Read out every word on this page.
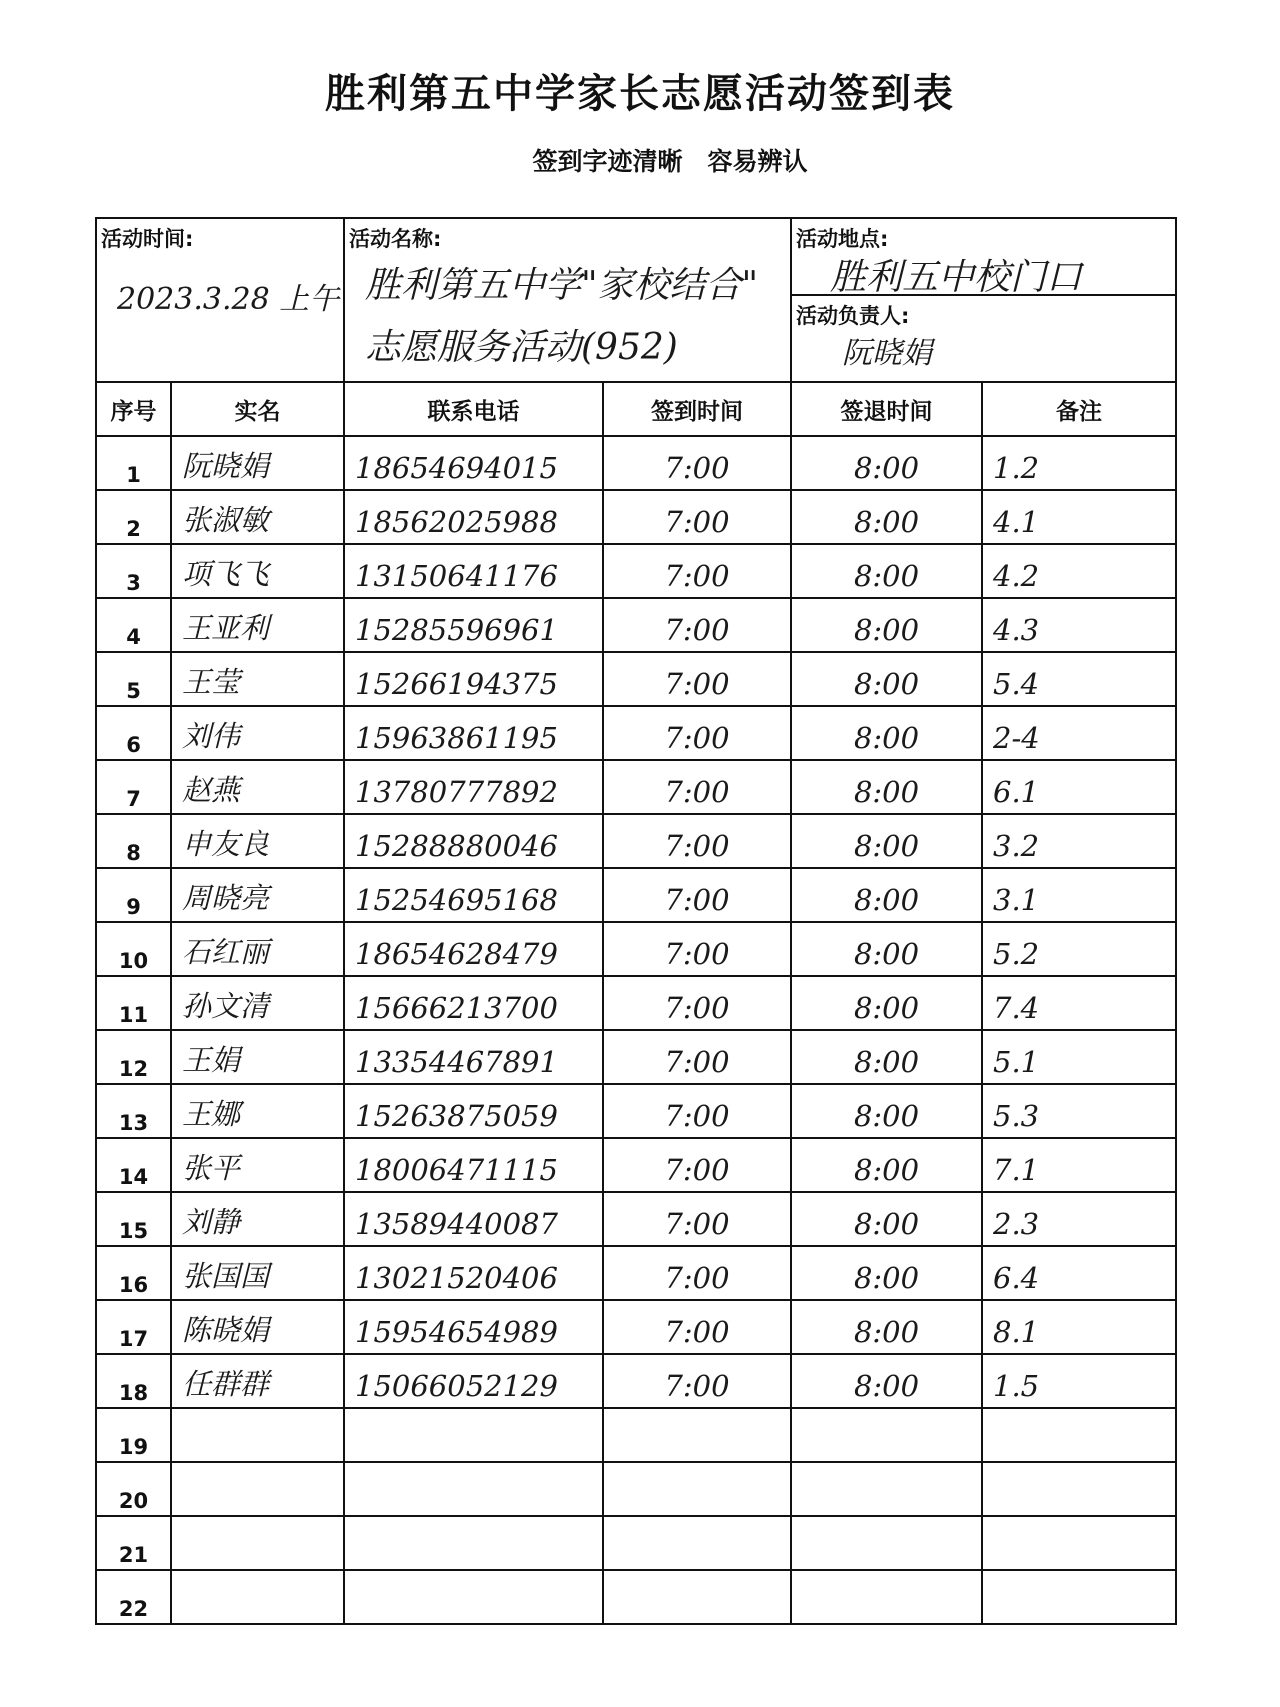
胜利第五中学家长志愿活动签到表
签到字迹清晰　容易辨认
活动时间:
2023.3.28 上午		活动名称:
胜利第五中学"家校结合"
志愿服务活动(952)		活动地点:
胜利五中校门口
活动负责人:
阮晓娟	

序号	实名	联系电话	签到时间	签退时间	备注

1	阮晓娟	18654694015	7:00	8:00	1.2

2	张淑敏	18562025988	7:00	8:00	4.1

3	项飞飞	13150641176	7:00	8:00	4.2

4	王亚利	15285596961	7:00	8:00	4.3

5	王莹	15266194375	7:00	8:00	5.4

6	刘伟	15963861195	7:00	8:00	2-4

7	赵燕	13780777892	7:00	8:00	6.1

8	申友良	15288880046	7:00	8:00	3.2

9	周晓亮	15254695168	7:00	8:00	3.1

10	石红丽	18654628479	7:00	8:00	5.2

11	孙文清	15666213700	7:00	8:00	7.4

12	王娟	13354467891	7:00	8:00	5.1

13	王娜	15263875059	7:00	8:00	5.3

14	张平	18006471115	7:00	8:00	7.1

15	刘静	13589440087	7:00	8:00	2.3

16	张国国	13021520406	7:00	8:00	6.4

17	陈晓娟	15954654989	7:00	8:00	8.1

18	任群群	15066052129	7:00	8:00	1.5

19					

20					

21					

22					
